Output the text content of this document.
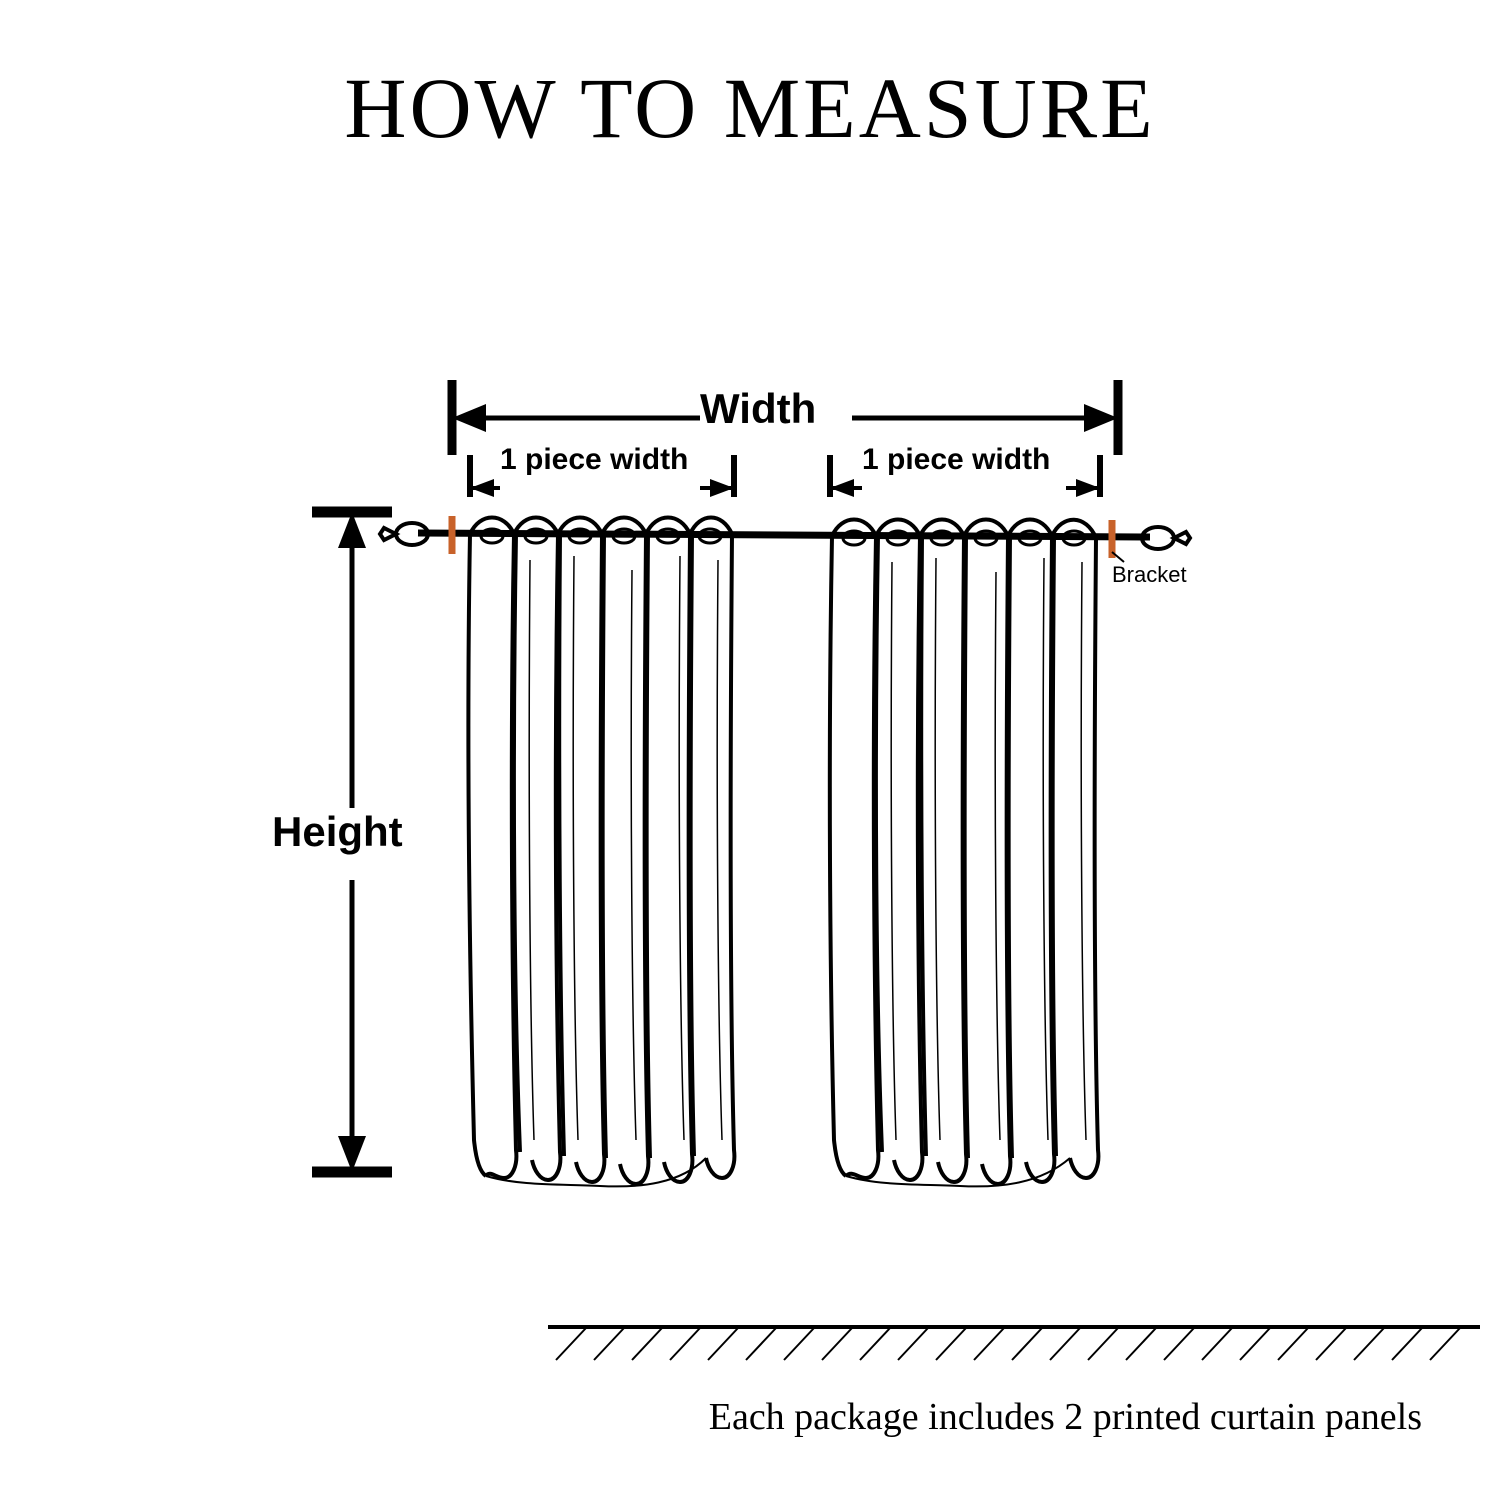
HOW TO MEASURE
Width
1 piece width	1 piece width
Height
Bracket
Each package includes 2 printed curtain panels
